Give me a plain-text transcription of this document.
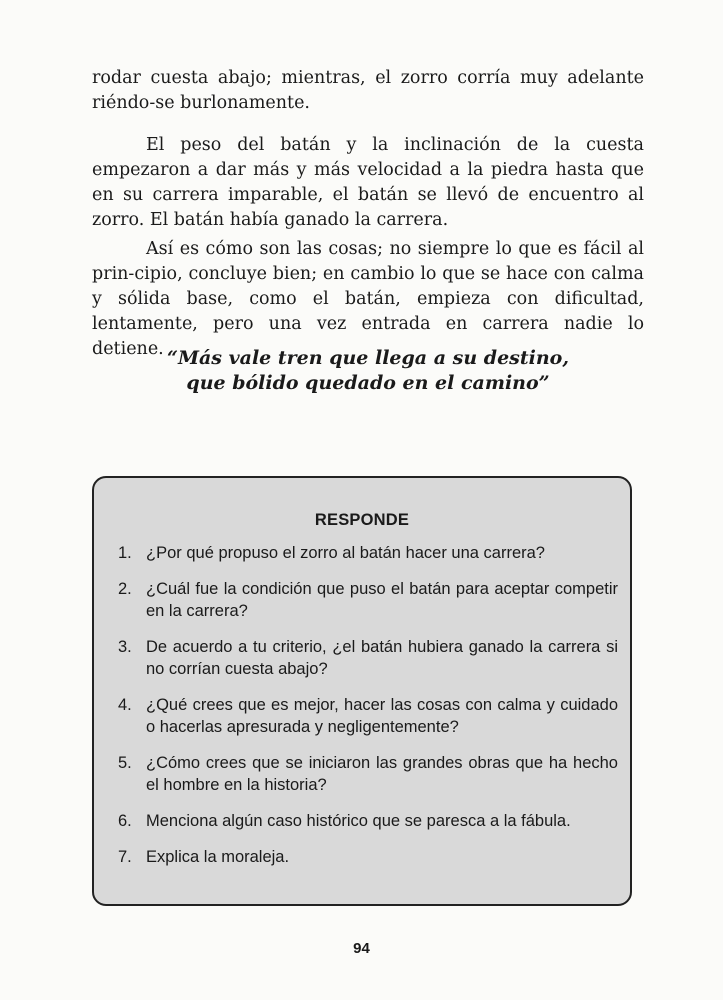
rodar cuesta abajo; mientras, el zorro corría muy adelante riéndo-se burlonamente.
El peso del batán y la inclinación de la cuesta empezaron a dar más y más velocidad a la piedra hasta que en su carrera imparable, el batán se llevó de encuentro al zorro. El batán había ganado la carrera.
Así es cómo son las cosas; no siempre lo que es fácil al prin-cipio, concluye bien; en cambio lo que se hace con calma y sólida base, como el batán, empieza con dificultad, lentamente, pero una vez entrada en carrera nadie lo detiene. “Más vale tren que llega a su destino,
que bólido quedado en el camino”
RESPONDE
1. ¿Por qué propuso el zorro al batán hacer una carrera?
2. ¿Cuál fue la condición que puso el batán para aceptar competir en la carrera?
3. De acuerdo a tu criterio, ¿el batán hubiera ganado la carrera si no corrían cuesta abajo?
4. ¿Qué crees que es mejor, hacer las cosas con calma y cuidado o hacerlas apresurada y negligentemente?
5. ¿Cómo crees que se iniciaron las grandes obras que ha hecho el hombre en la historia?
6. Menciona algún caso histórico que se paresca a la fábula.
7. Explica la moraleja.
94
